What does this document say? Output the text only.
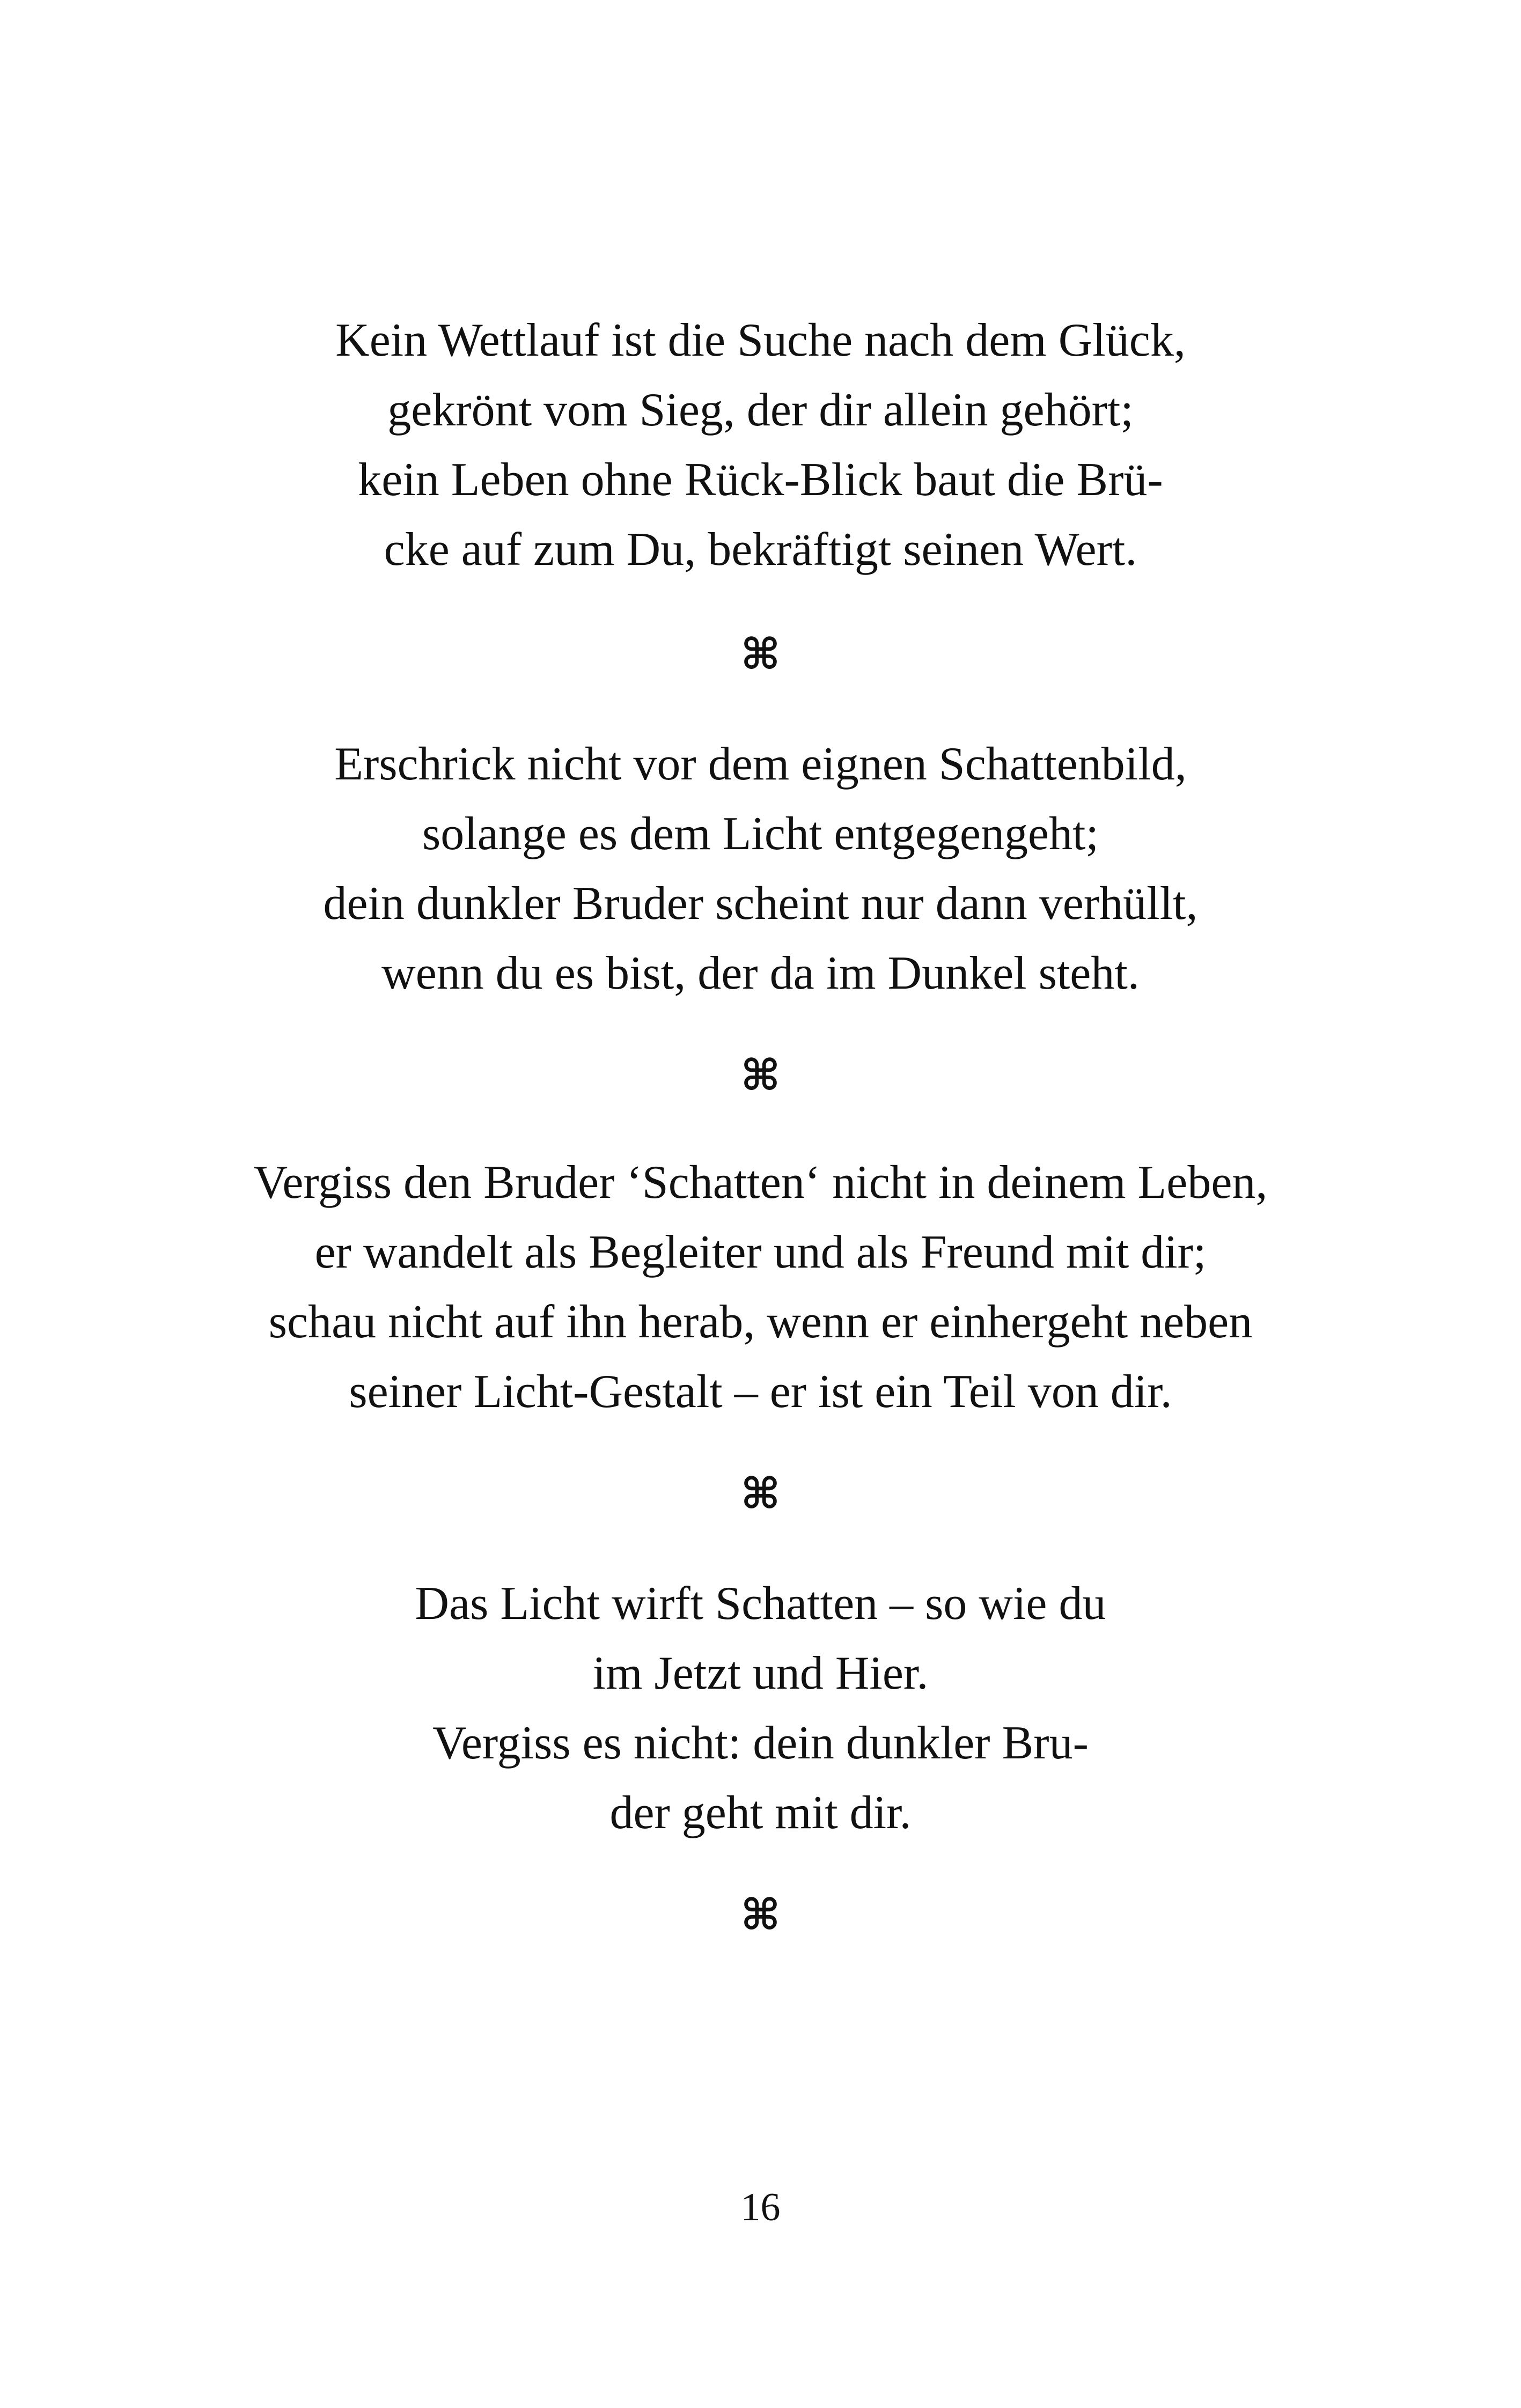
Kein Wettlauf ist die Suche nach dem Glück,
gekrönt vom Sieg, der dir allein gehört;
kein Leben ohne Rück-Blick baut die Brü-
cke auf zum Du, bekräftigt seinen Wert.
⌘
Erschrick nicht vor dem eignen Schattenbild,
solange es dem Licht entgegengeht;
dein dunkler Bruder scheint nur dann verhüllt,
wenn du es bist, der da im Dunkel steht.
⌘
Vergiss den Bruder ‘Schatten‘ nicht in deinem Leben,
er wandelt als Begleiter und als Freund mit dir;
schau nicht auf ihn herab, wenn er einhergeht neben
seiner Licht-Gestalt – er ist ein Teil von dir.
⌘
Das Licht wirft Schatten – so wie du
im Jetzt und Hier.
Vergiss es nicht: dein dunkler Bru-
der geht mit dir.
⌘
16
